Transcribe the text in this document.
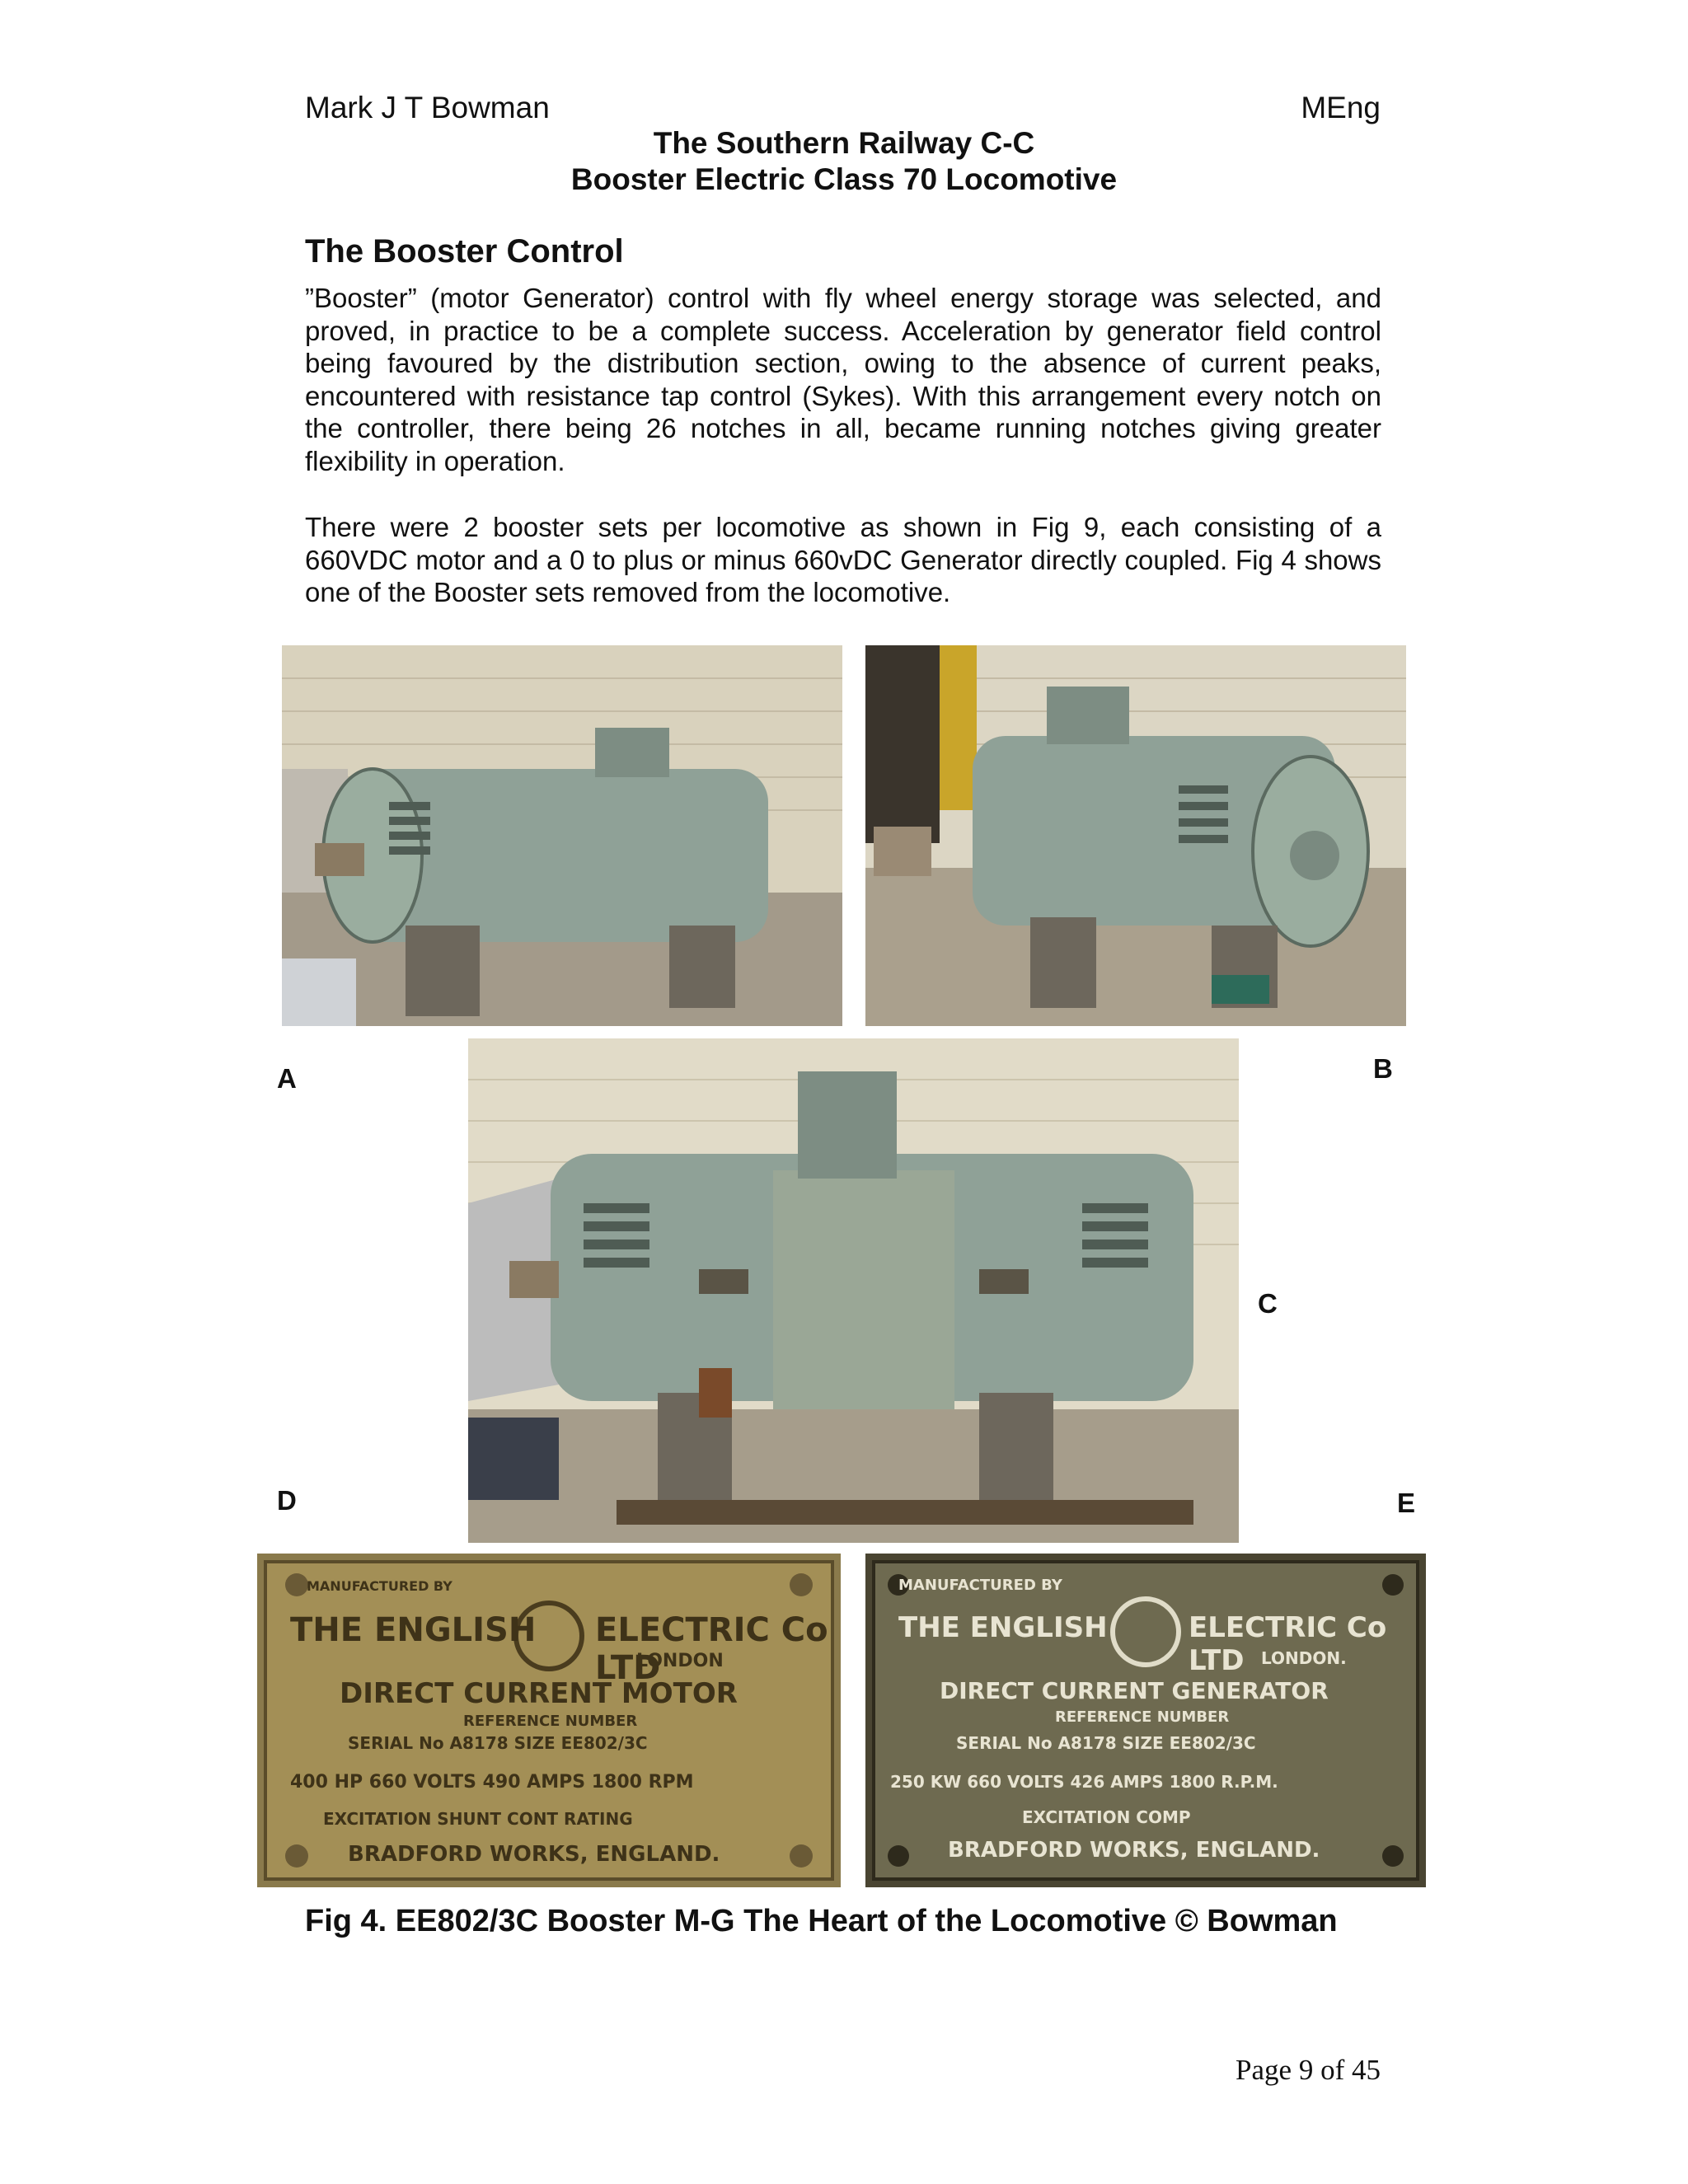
Mark J T Bowman	MEng
The Southern Railway C-C
Booster Electric Class 70 Locomotive
The Booster Control
”Booster” (motor Generator) control with fly wheel energy storage was selected, and proved, in practice to be a complete success. Acceleration by generator field control being favoured by the distribution section, owing to the absence of current peaks, encountered with resistance tap control (Sykes). With this arrangement every notch on the controller, there being 26 notches in all, became running notches giving greater flexibility in operation.
There were 2 booster sets per locomotive as shown in Fig 9, each consisting of a 660VDC motor and a 0 to plus or minus 660vDC Generator directly coupled. Fig 4 shows one of the Booster sets removed from the locomotive.
MANUFACTURED BY
THE ENGLISH ELECTRIC Co LTD
LONDON
DIRECT CURRENT MOTOR
REFERENCE NUMBER
SERIAL No A8178 SIZE EE802/3C
400 HP 660 VOLTS 490 AMPS 1800 RPM
EXCITATION SHUNT CONT RATING
BRADFORD WORKS, ENGLAND.
MANUFACTURED BY
THE ENGLISH	ELECTRIC Co LTD	LONDON.
DIRECT CURRENT GENERATOR
REFERENCE NUMBER
SERIAL No A8178 SIZE EE802/3C
250 KW 660 VOLTS 426 AMPS 1800 R.P.M.
EXCITATION COMP
BRADFORD WORKS, ENGLAND.
A	B
C
D	E
Fig 4. EE802/3C Booster M-G The Heart of the Locomotive © Bowman
Page 9 of 45
